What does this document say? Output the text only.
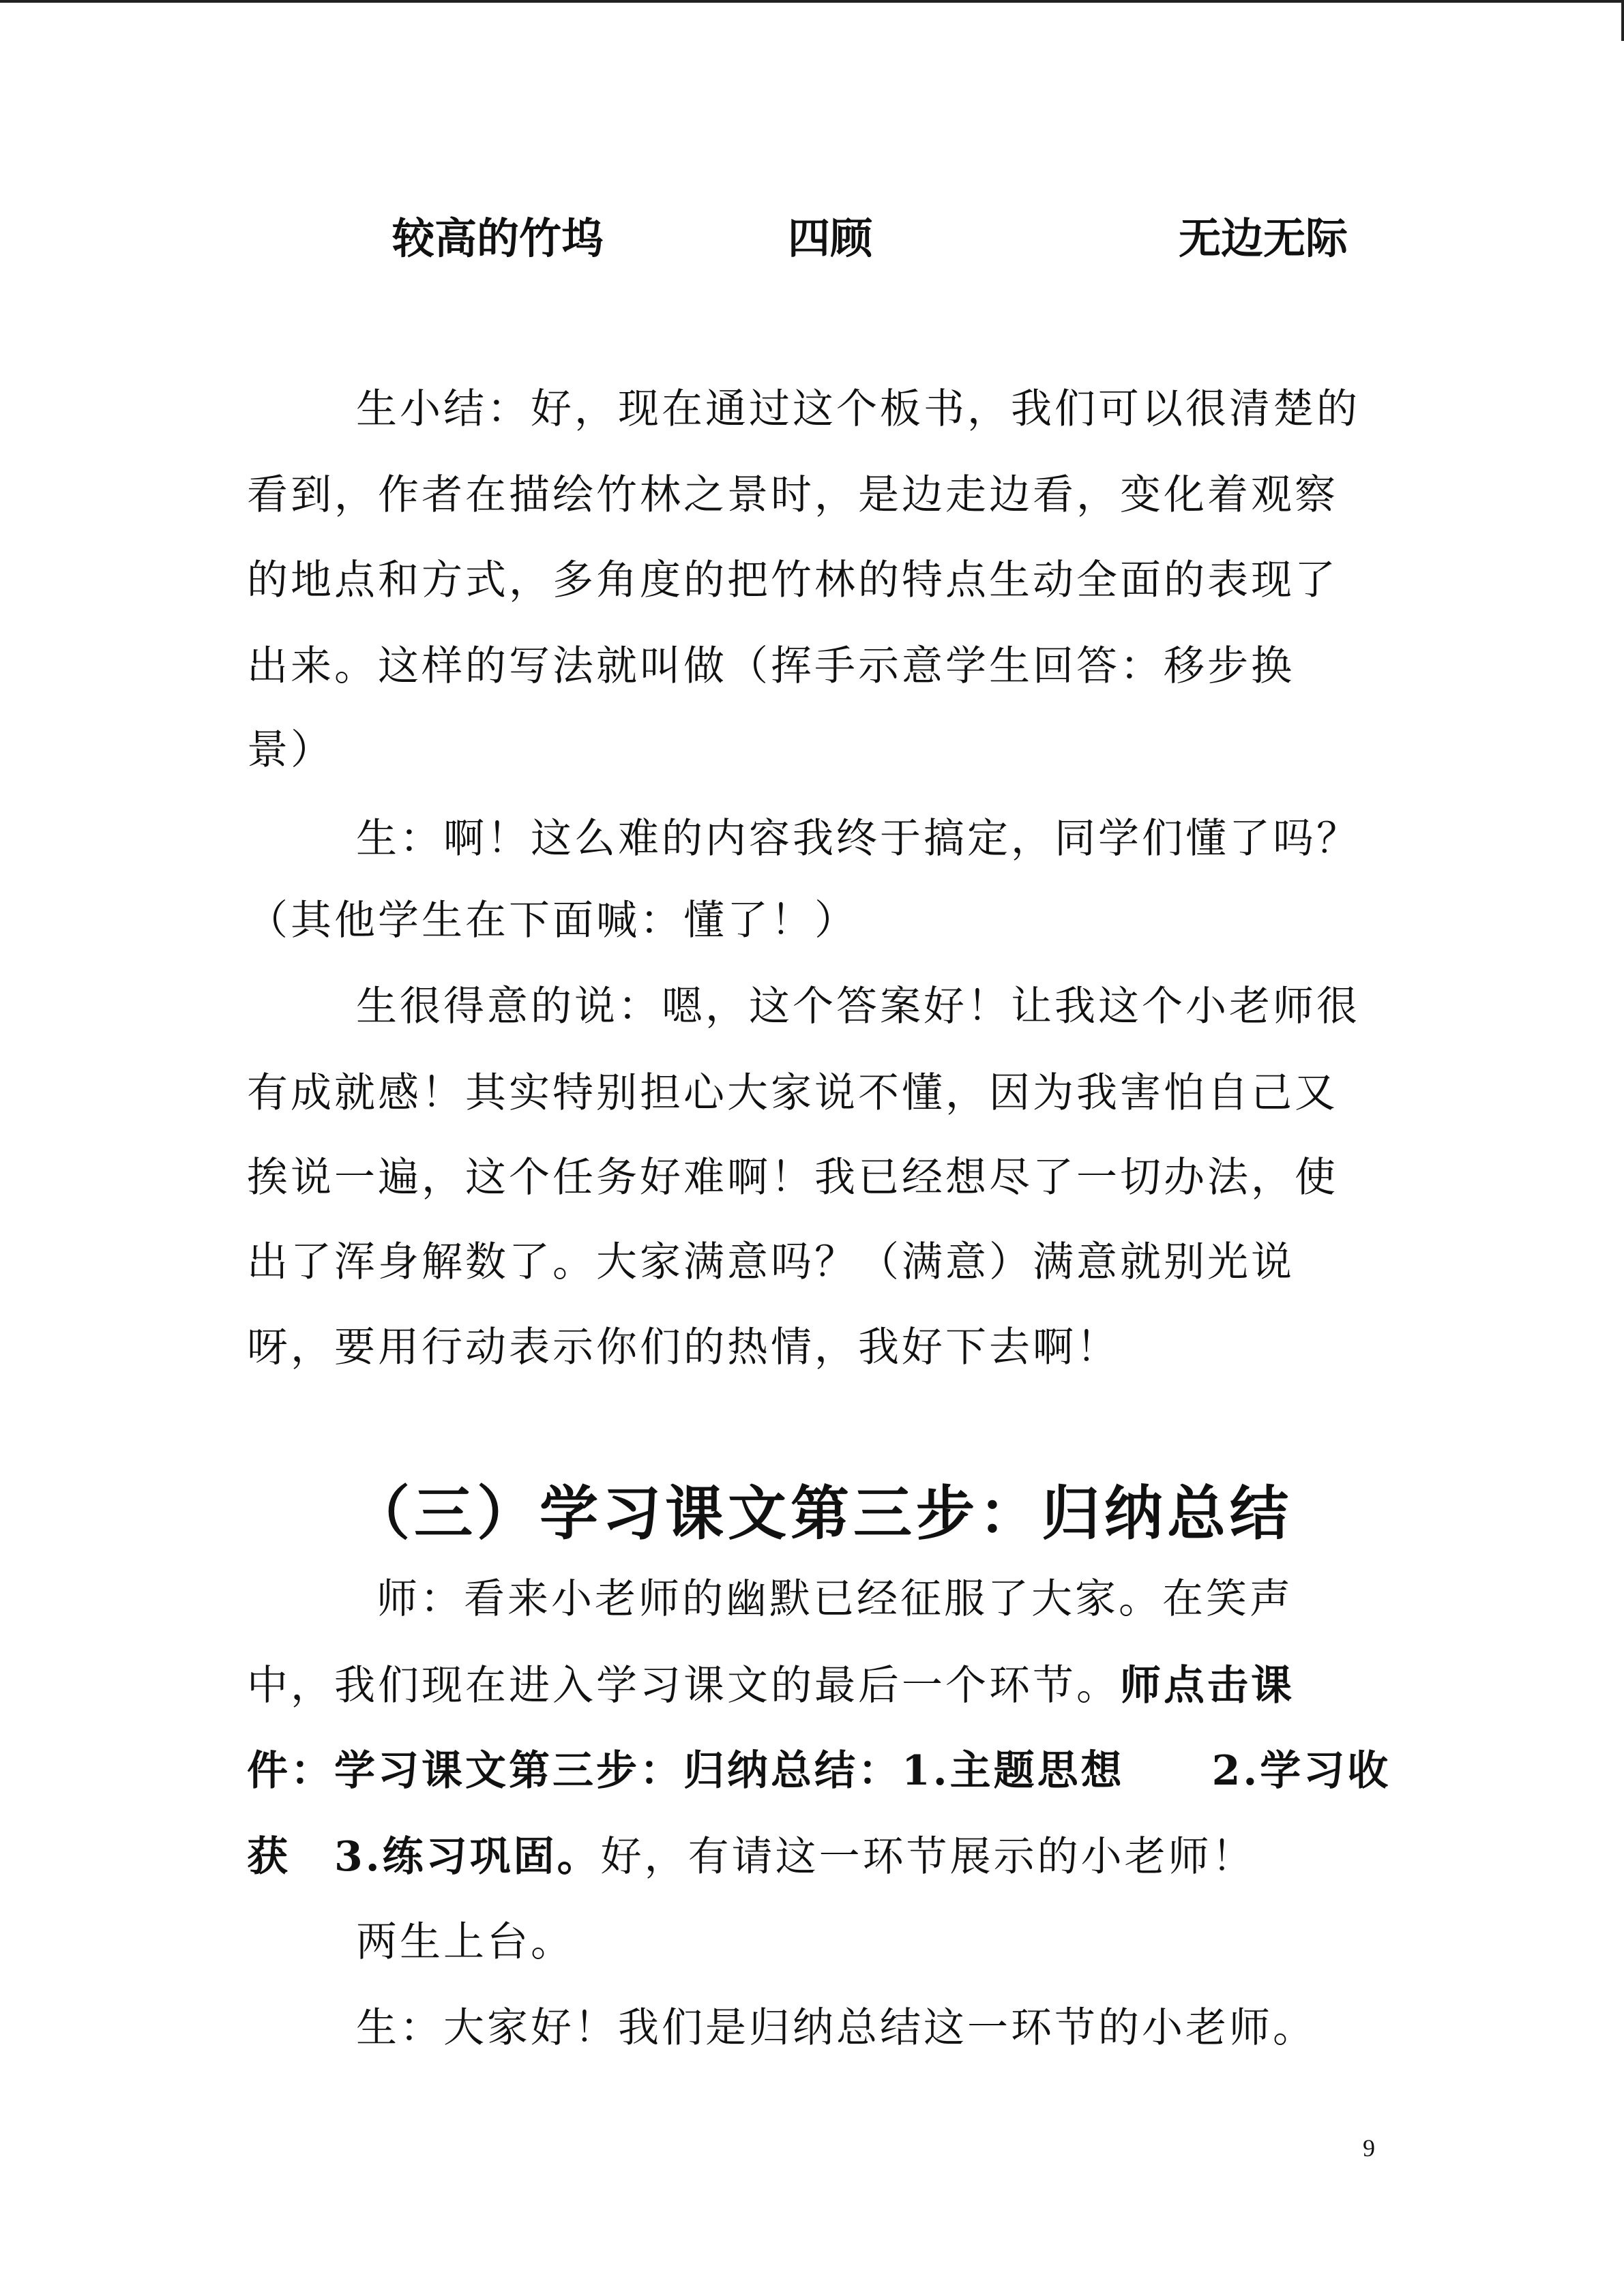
较高的竹坞	四顾	无边无际
生小结：好，现在通过这个板书，我们可以很清楚的
看到，作者在描绘竹林之景时，是边走边看，变化着观察
的地点和方式，多角度的把竹林的特点生动全面的表现了
出来。这样的写法就叫做（挥手示意学生回答：移步换
景）
生：啊！这么难的内容我终于搞定，同学们懂了吗？
（其他学生在下面喊：懂了！）
生很得意的说：嗯，这个答案好！让我这个小老师很
有成就感！其实特别担心大家说不懂，因为我害怕自己又
挨说一遍，这个任务好难啊！我已经想尽了一切办法，使
出了浑身解数了。大家满意吗？（满意）满意就别光说
呀，要用行动表示你们的热情，我好下去啊！
（三）学习课文第三步：归纳总结
师：看来小老师的幽默已经征服了大家。在笑声
中，我们现在进入学习课文的最后一个环节。师点击课
件：学习课文第三步：归纳总结：1.主题思想　　2.学习收
获　3.练习巩固。好，有请这一环节展示的小老师！
两生上台。
生：大家好！我们是归纳总结这一环节的小老师。
9
